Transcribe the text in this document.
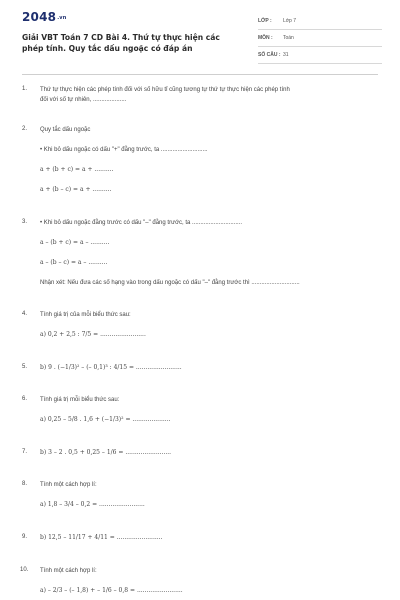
2048.vn
Giải VBT Toán 7 CD Bài 4. Thứ tự thực hiện các phép tính. Quy tắc dấu ngoặc có đáp án
LỚP : Lớp 7
MÔN : Toán
SỐ CÂU : 31
1. Thứ tự thực hiện các phép tính đối với số hữu tỉ cũng tương tự thứ tự thực hiện các phép tính
đối với số tự nhiên, ....................
2. Quy tắc dấu ngoặc
• Khi bỏ dấu ngoặc có dấu "+" đằng trước, ta ............................
a + (b + c) = a + ..........
a + (b – c) = a + ..........
3. • Khi bỏ dấu ngoặc đằng trước có dấu "–" đằng trước, ta ..............................
a – (b + c) = a – ..........
a – (b – c) = a – ..........
Nhận xét: Nếu đưa các số hạng vào trong dấu ngoặc có dấu "–" đằng trước thì .............................
4. Tính giá trị của mỗi biểu thức sau:
a) 0,2 + 2,5 : 7/5 = ........................
5. b) 9 . (−1/3)² – (– 0,1)³ : 4/15 = ........................
6. Tính giá trị mỗi biểu thức sau:
a) 0,25 – 5/8 . 1,6 + (−1/3)² = ....................
7. b) 3 – 2 . 0,5 + 0,25 – 1/6 = ........................
8. Tính một cách hợp lí:
a) 1,8 – 3/4 – 0,2 = ........................
9. b) 12,5 – 11/17 + 4/11 = ........................
10. Tính một cách hợp lí:
a) – 2/3 – (– 1,8) + – 1/6 – 0,8 = ........................
